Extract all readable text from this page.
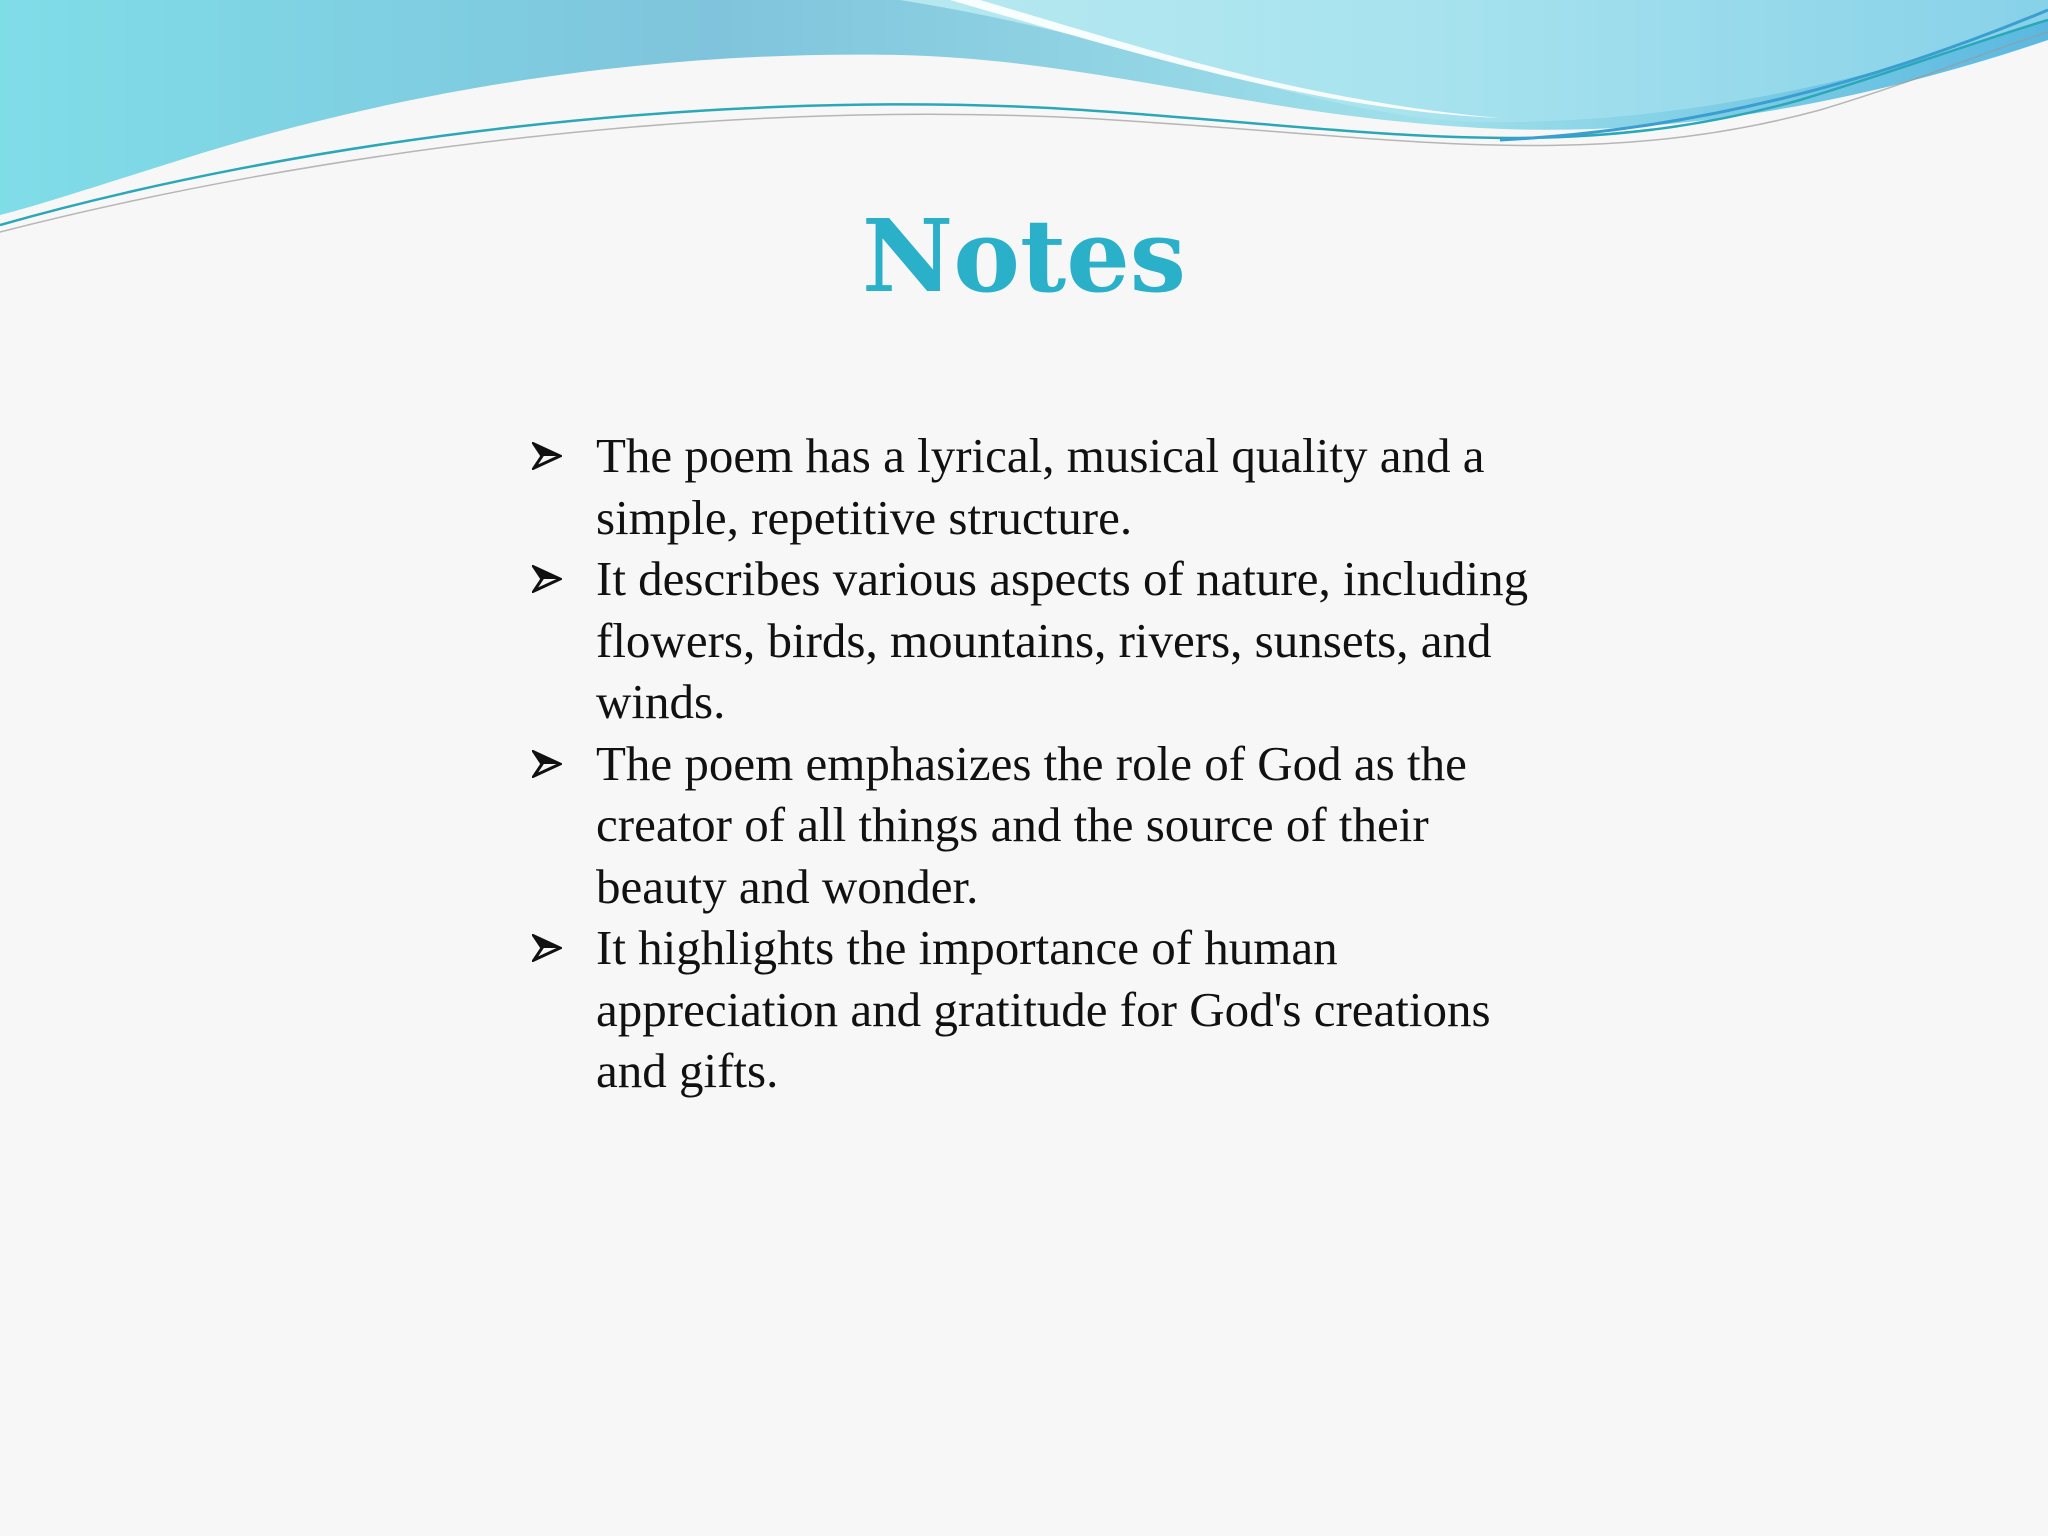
Notes
The poem has a lyrical, musical quality and a simple, repetitive structure.
It describes various aspects of nature, including flowers, birds, mountains, rivers, sunsets, and winds.
The poem emphasizes the role of God as the creator of all things and the source of their beauty and wonder.
It highlights the importance of human appreciation and gratitude for God's creations and gifts.
